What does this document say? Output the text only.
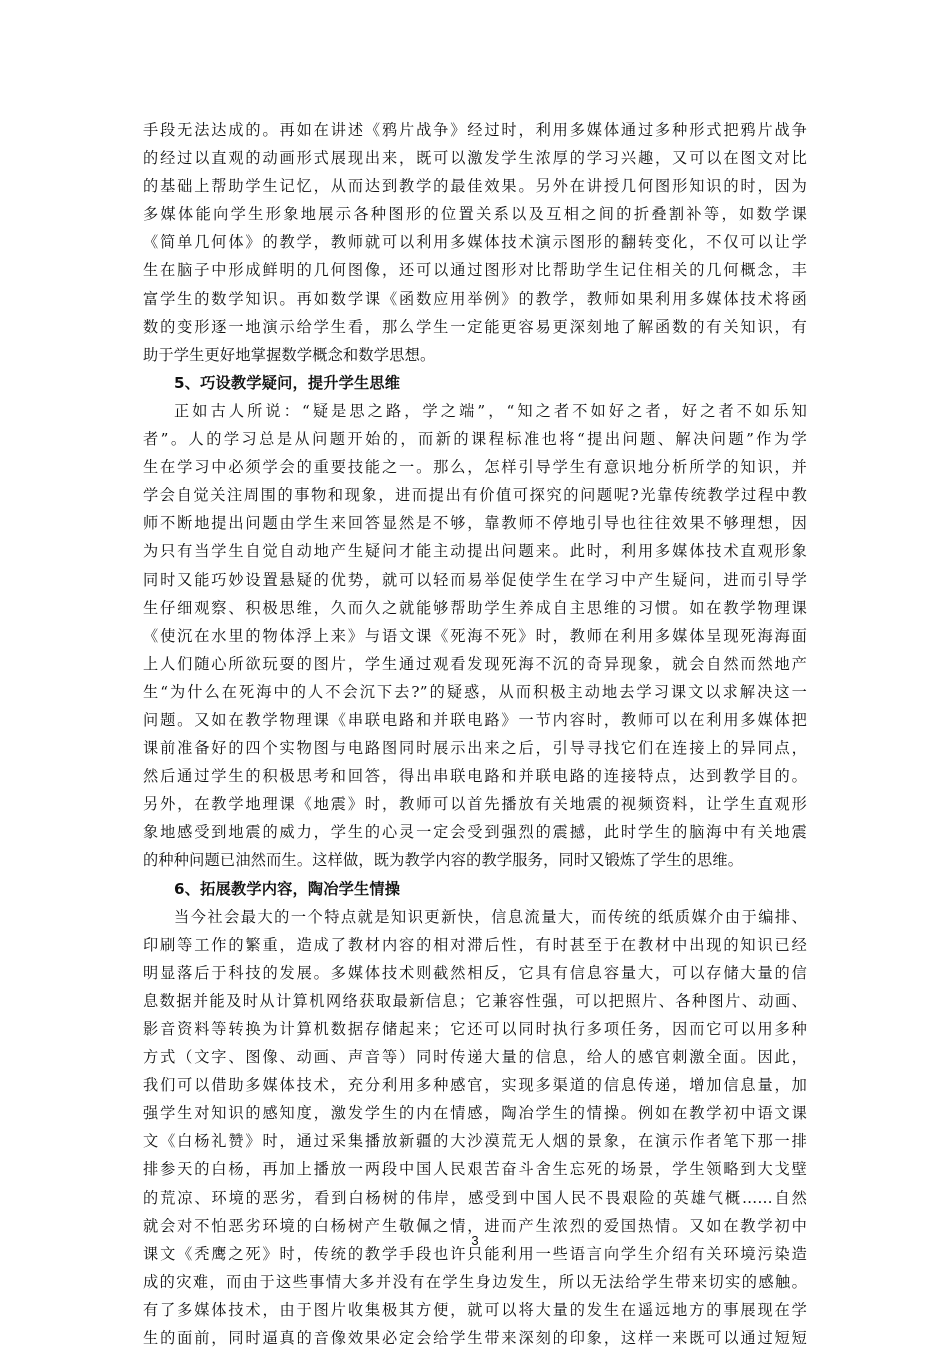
手段无法达成的。再如在讲述《鸦片战争》经过时，利用多媒体通过多种形式把鸦片战争
的经过以直观的动画形式展现出来，既可以激发学生浓厚的学习兴趣，又可以在图文对比
的基础上帮助学生记忆，从而达到教学的最佳效果。另外在讲授几何图形知识的时，因为
多媒体能向学生形象地展示各种图形的位置关系以及互相之间的折叠割补等，如数学课
《简单几何体》的教学，教师就可以利用多媒体技术演示图形的翻转变化，不仅可以让学
生在脑子中形成鲜明的几何图像，还可以通过图形对比帮助学生记住相关的几何概念，丰
富学生的数学知识。再如数学课《函数应用举例》的教学，教师如果利用多媒体技术将函
数的变形逐一地演示给学生看，那么学生一定能更容易更深刻地了解函数的有关知识，有
助于学生更好地掌握数学概念和数学思想。
5、巧设教学疑问，提升学生思维
正如古人所说：“疑是思之路，学之端”，“知之者不如好之者，好之者不如乐知
者”。人的学习总是从问题开始的，而新的课程标准也将“提出问题、解决问题”作为学
生在学习中必须学会的重要技能之一。那么，怎样引导学生有意识地分析所学的知识，并
学会自觉关注周围的事物和现象，进而提出有价值可探究的问题呢?光靠传统教学过程中教
师不断地提出问题由学生来回答显然是不够，靠教师不停地引导也往往效果不够理想，因
为只有当学生自觉自动地产生疑问才能主动提出问题来。此时，利用多媒体技术直观形象
同时又能巧妙设置悬疑的优势，就可以轻而易举促使学生在学习中产生疑问，进而引导学
生仔细观察、积极思维，久而久之就能够帮助学生养成自主思维的习惯。如在教学物理课
《使沉在水里的物体浮上来》与语文课《死海不死》时，教师在利用多媒体呈现死海海面
上人们随心所欲玩耍的图片，学生通过观看发现死海不沉的奇异现象，就会自然而然地产
生“为什么在死海中的人不会沉下去?”的疑惑，从而积极主动地去学习课文以求解决这一
问题。又如在教学物理课《串联电路和并联电路》一节内容时，教师可以在利用多媒体把
课前准备好的四个实物图与电路图同时展示出来之后，引导寻找它们在连接上的异同点，
然后通过学生的积极思考和回答，得出串联电路和并联电路的连接特点，达到教学目的。
另外，在教学地理课《地震》时，教师可以首先播放有关地震的视频资料，让学生直观形
象地感受到地震的威力，学生的心灵一定会受到强烈的震撼，此时学生的脑海中有关地震
的种种问题已油然而生。这样做，既为教学内容的教学服务，同时又锻炼了学生的思维。
6、拓展教学内容，陶冶学生情操
当今社会最大的一个特点就是知识更新快，信息流量大，而传统的纸质媒介由于编排、
印刷等工作的繁重，造成了教材内容的相对滞后性，有时甚至于在教材中出现的知识已经
明显落后于科技的发展。多媒体技术则截然相反，它具有信息容量大，可以存储大量的信
息数据并能及时从计算机网络获取最新信息；它兼容性强，可以把照片、各种图片、动画、
影音资料等转换为计算机数据存储起来；它还可以同时执行多项任务，因而它可以用多种
方式（文字、图像、动画、声音等）同时传递大量的信息，给人的感官刺激全面。因此，
我们可以借助多媒体技术，充分利用多种感官，实现多渠道的信息传递，增加信息量，加
强学生对知识的感知度，激发学生的内在情感，陶冶学生的情操。例如在教学初中语文课
文《白杨礼赞》时，通过采集播放新疆的大沙漠荒无人烟的景象，在演示作者笔下那一排
排参天的白杨，再加上播放一两段中国人民艰苦奋斗舍生忘死的场景，学生领略到大戈壁
的荒凉、环境的恶劣，看到白杨树的伟岸，感受到中国人民不畏艰险的英雄气概……自然
就会对不怕恶劣环境的白杨树产生敬佩之情，进而产生浓烈的爱国热情。又如在教学初中
课文《秃鹰之死》时，传统的教学手段也许只能利用一些语言向学生介绍有关环境污染造
成的灾难，而由于这些事情大多并没有在学生身边发生，所以无法给学生带来切实的感触。
有了多媒体技术，由于图片收集极其方便，就可以将大量的发生在遥远地方的事展现在学
生的面前，同时逼真的音像效果必定会给学生带来深刻的印象，这样一来既可以通过短短
3
